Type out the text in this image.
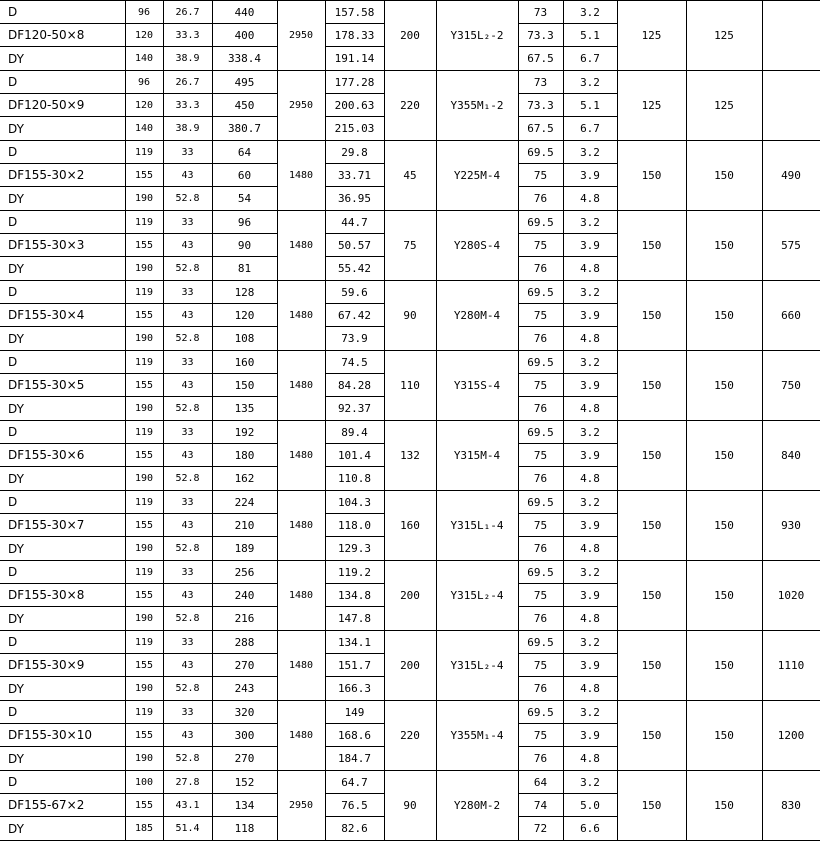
D	96	26.7	440	2950	157.58	200	Y315L₂-2	73	3.2	125	125	
DF120-50×8	120	33.3	400		178.33			73.3	5.1			
DY	140	38.9	338.4		191.14			67.5	6.7			
D	96	26.7	495	2950	177.28	220	Y355M₁-2	73	3.2	125	125	
DF120-50×9	120	33.3	450		200.63			73.3	5.1			
DY	140	38.9	380.7		215.03			67.5	6.7			
D	119	33	64	1480	29.8	45	Y225M-4	69.5	3.2	150	150	490
DF155-30×2	155	43	60		33.71			75	3.9			
DY	190	52.8	54		36.95			76	4.8			
D	119	33	96	1480	44.7	75	Y280S-4	69.5	3.2	150	150	575
DF155-30×3	155	43	90		50.57			75	3.9			
DY	190	52.8	81		55.42			76	4.8			
D	119	33	128	1480	59.6	90	Y280M-4	69.5	3.2	150	150	660
DF155-30×4	155	43	120		67.42			75	3.9			
DY	190	52.8	108		73.9			76	4.8			
D	119	33	160	1480	74.5	110	Y315S-4	69.5	3.2	150	150	750
DF155-30×5	155	43	150		84.28			75	3.9			
DY	190	52.8	135		92.37			76	4.8			
D	119	33	192	1480	89.4	132	Y315M-4	69.5	3.2	150	150	840
DF155-30×6	155	43	180		101.4			75	3.9			
DY	190	52.8	162		110.8			76	4.8			
D	119	33	224	1480	104.3	160	Y315L₁-4	69.5	3.2	150	150	930
DF155-30×7	155	43	210		118.0			75	3.9			
DY	190	52.8	189		129.3			76	4.8			
D	119	33	256	1480	119.2	200	Y315L₂-4	69.5	3.2	150	150	1020
DF155-30×8	155	43	240		134.8			75	3.9			
DY	190	52.8	216		147.8			76	4.8			
D	119	33	288	1480	134.1	200	Y315L₂-4	69.5	3.2	150	150	1110
DF155-30×9	155	43	270		151.7			75	3.9			
DY	190	52.8	243		166.3			76	4.8			
D	119	33	320	1480	149	220	Y355M₁-4	69.5	3.2	150	150	1200
DF155-30×10	155	43	300		168.6			75	3.9			
DY	190	52.8	270		184.7			76	4.8			
D	100	27.8	152	2950	64.7	90	Y280M-2	64	3.2	150	150	830
DF155-67×2	155	43.1	134		76.5			74	5.0			
DY	185	51.4	118		82.6			72	6.6			
